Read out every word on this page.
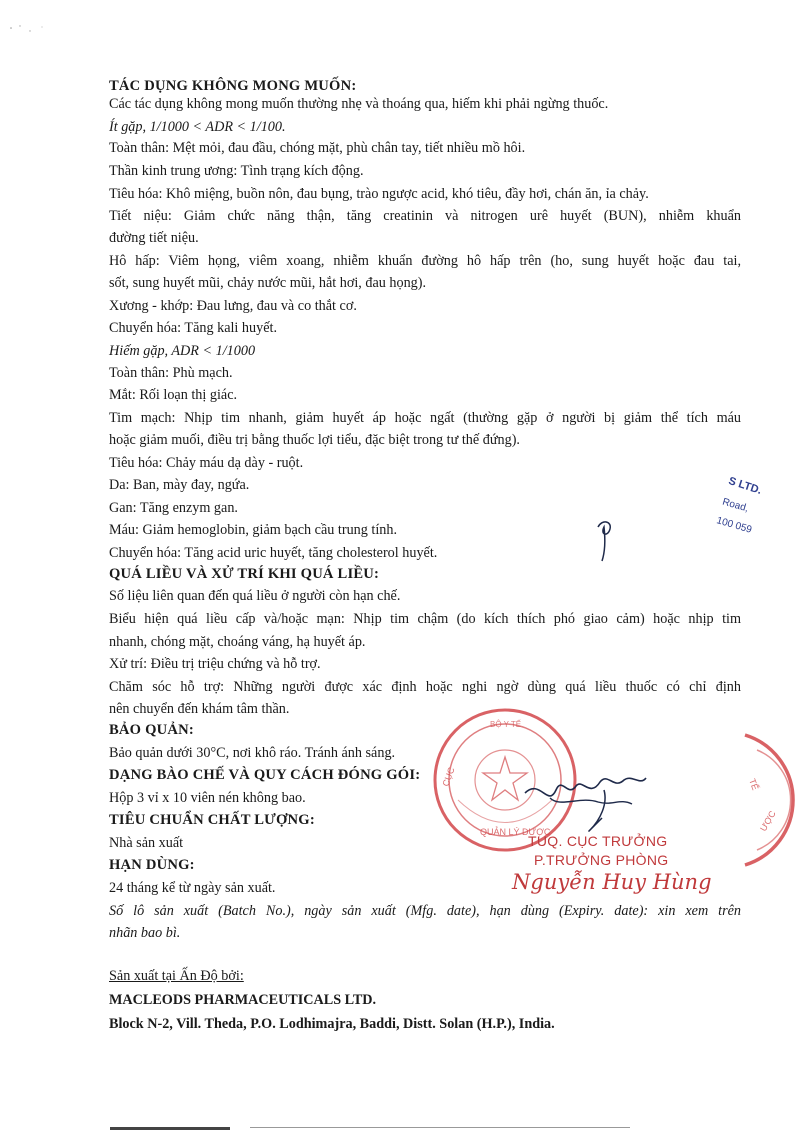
TÁC DỤNG KHÔNG MONG MUỐN:
Các tác dụng không mong muốn thường nhẹ và thoáng qua, hiếm khi phải ngừng thuốc.
Ít gặp, 1/1000 < ADR < 1/100.
Toàn thân: Mệt mỏi, đau đầu, chóng mặt, phù chân tay, tiết nhiều mồ hôi.
Thần kinh trung ương: Tình trạng kích động.
Tiêu hóa: Khô miệng, buồn nôn, đau bụng, trào ngược acid, khó tiêu, đầy hơi, chán ăn, ỉa chảy.
Tiết niệu: Giảm chức năng thận, tăng creatinin và nitrogen urê huyết (BUN), nhiễm khuẩn
đường tiết niệu.
Hô hấp: Viêm họng, viêm xoang, nhiễm khuẩn đường hô hấp trên (ho, sung huyết hoặc đau tai,
sốt, sung huyết mũi, chảy nước mũi, hắt hơi, đau họng).
Xương - khớp: Đau lưng, đau và co thắt cơ.
Chuyển hóa: Tăng kali huyết.
Hiếm gặp, ADR < 1/1000
Toàn thân: Phù mạch.
Mắt: Rối loạn thị giác.
Tim mạch: Nhịp tim nhanh, giảm huyết áp hoặc ngất (thường gặp ở người bị giảm thể tích máu
hoặc giảm muối, điều trị bằng thuốc lợi tiểu, đặc biệt trong tư thế đứng).
Tiêu hóa: Chảy máu dạ dày - ruột.
Da: Ban, mày đay, ngứa.
Gan: Tăng enzym gan.
Máu: Giảm hemoglobin, giảm bạch cầu trung tính.
Chuyển hóa: Tăng acid uric huyết, tăng cholesterol huyết.
QUÁ LIỀU VÀ XỬ TRÍ KHI QUÁ LIỀU:
Số liệu liên quan đến quá liều ở người còn hạn chế.
Biểu hiện quá liều cấp và/hoặc mạn: Nhịp tim chậm (do kích thích phó giao cảm) hoặc nhịp tim
nhanh, chóng mặt, choáng váng, hạ huyết áp.
Xử trí: Điều trị triệu chứng và hỗ trợ.
Chăm sóc hỗ trợ: Những người được xác định hoặc nghi ngờ dùng quá liều thuốc có chỉ định
nên chuyển đến khám tâm thần.
BẢO QUẢN:
Bảo quản dưới 30°C, nơi khô ráo. Tránh ánh sáng.
DẠNG BÀO CHẾ VÀ QUY CÁCH ĐÓNG GÓI:
Hộp 3 vỉ x 10 viên nén không bao.
TIÊU CHUẨN CHẤT LƯỢNG:
Nhà sản xuất
HẠN DÙNG:
24 tháng kể từ ngày sản xuất.
Số lô sản xuất (Batch No.), ngày sản xuất (Mfg. date), hạn dùng (Expiry. date): xin xem trên
nhãn bao bì.
Sản xuất tại Ấn Độ bởi:
MACLEODS PHARMACEUTICALS LTD.
Block N-2, Vill. Theda, P.O. Lodhimajra, Baddi, Distt. Solan (H.P.), India.
CỤC
QUẢN LÝ DƯỢC
BỘ Y TẾ
TẾ
ƯỢC
TUQ. CỤC TRƯỞNG
P.TRƯỞNG PHÒNG
Nguyễn Huy Hùng
S LTD.
Road,
100 059
